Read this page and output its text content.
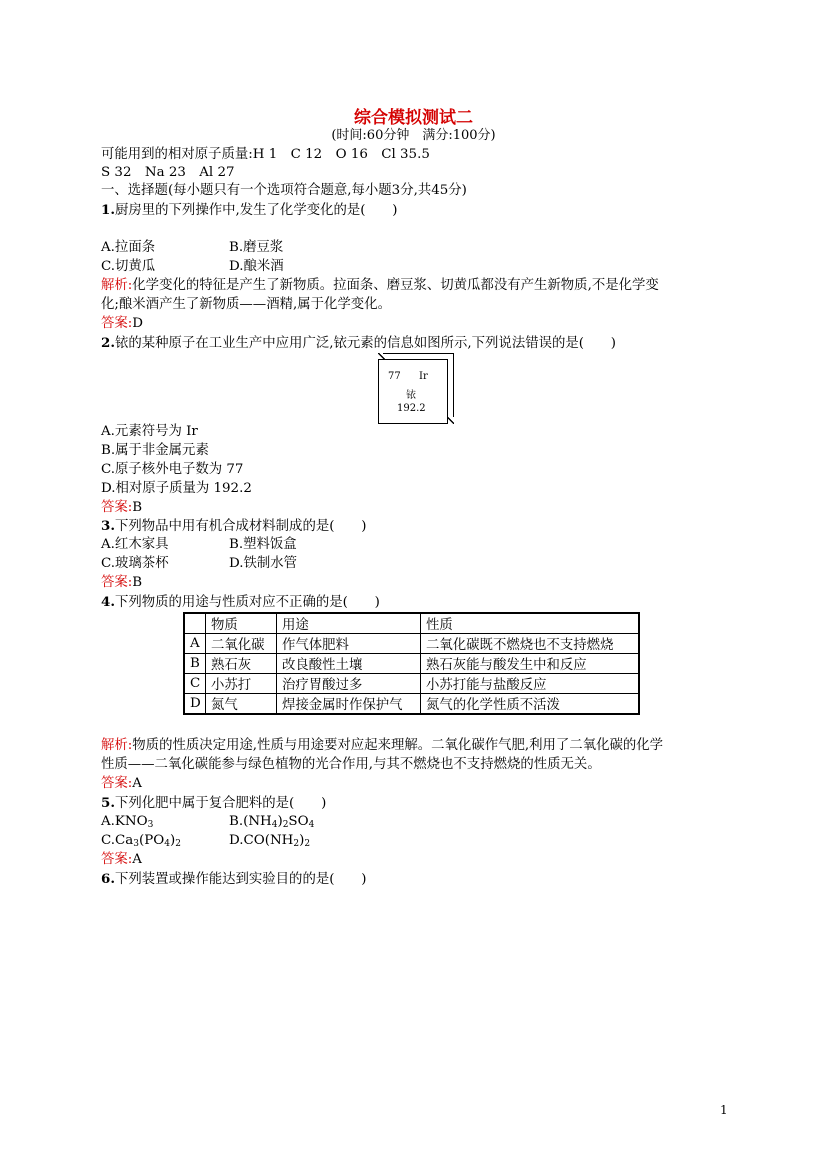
综合模拟测试二
(时间:60分钟　满分:100分)
可能用到的相对原子质量:H 1　C 12　O 16　Cl 35.5
S 32　Na 23　Al 27
一、选择题(每小题只有一个选项符合题意,每小题3分,共45分)
1.厨房里的下列操作中,发生了化学变化的是(　　)
A.拉面条	B.磨豆浆
C.切黄瓜	D.酿米酒
解析:化学变化的特征是产生了新物质。拉面条、磨豆浆、切黄瓜都没有产生新物质,不是化学变
化;酿米酒产生了新物质——酒精,属于化学变化。
答案:D
2.铱的某种原子在工业生产中应用广泛,铱元素的信息如图所示,下列说法错误的是(　　)
77 Ir
铱
192.2
A.元素符号为 Ir
B.属于非金属元素
C.原子核外电子数为 77
D.相对原子质量为 192.2
答案:B
3.下列物品中用有机合成材料制成的是(　　)
A.红木家具	B.塑料饭盒
C.玻璃茶杯	D.铁制水管
答案:B
4.下列物质的用途与性质对应不正确的是(　　)
	物质	用途	性质
A	二氧化碳	作气体肥料	二氧化碳既不燃烧也不支持燃烧
B	熟石灰	改良酸性土壤	熟石灰能与酸发生中和反应
C	小苏打	治疗胃酸过多	小苏打能与盐酸反应
D	氮气	焊接金属时作保护气	氮气的化学性质不活泼
解析:物质的性质决定用途,性质与用途要对应起来理解。二氧化碳作气肥,利用了二氧化碳的化学
性质——二氧化碳能参与绿色植物的光合作用,与其不燃烧也不支持燃烧的性质无关。
答案:A
5.下列化肥中属于复合肥料的是(　　)
$A.KNO_3$	$B.(NH_4)_2SO_4$
$C.Ca_3(PO_4)_2$	$D.CO(NH_2)_2$
答案:A
6.下列装置或操作能达到实验目的的是(　　)
1
